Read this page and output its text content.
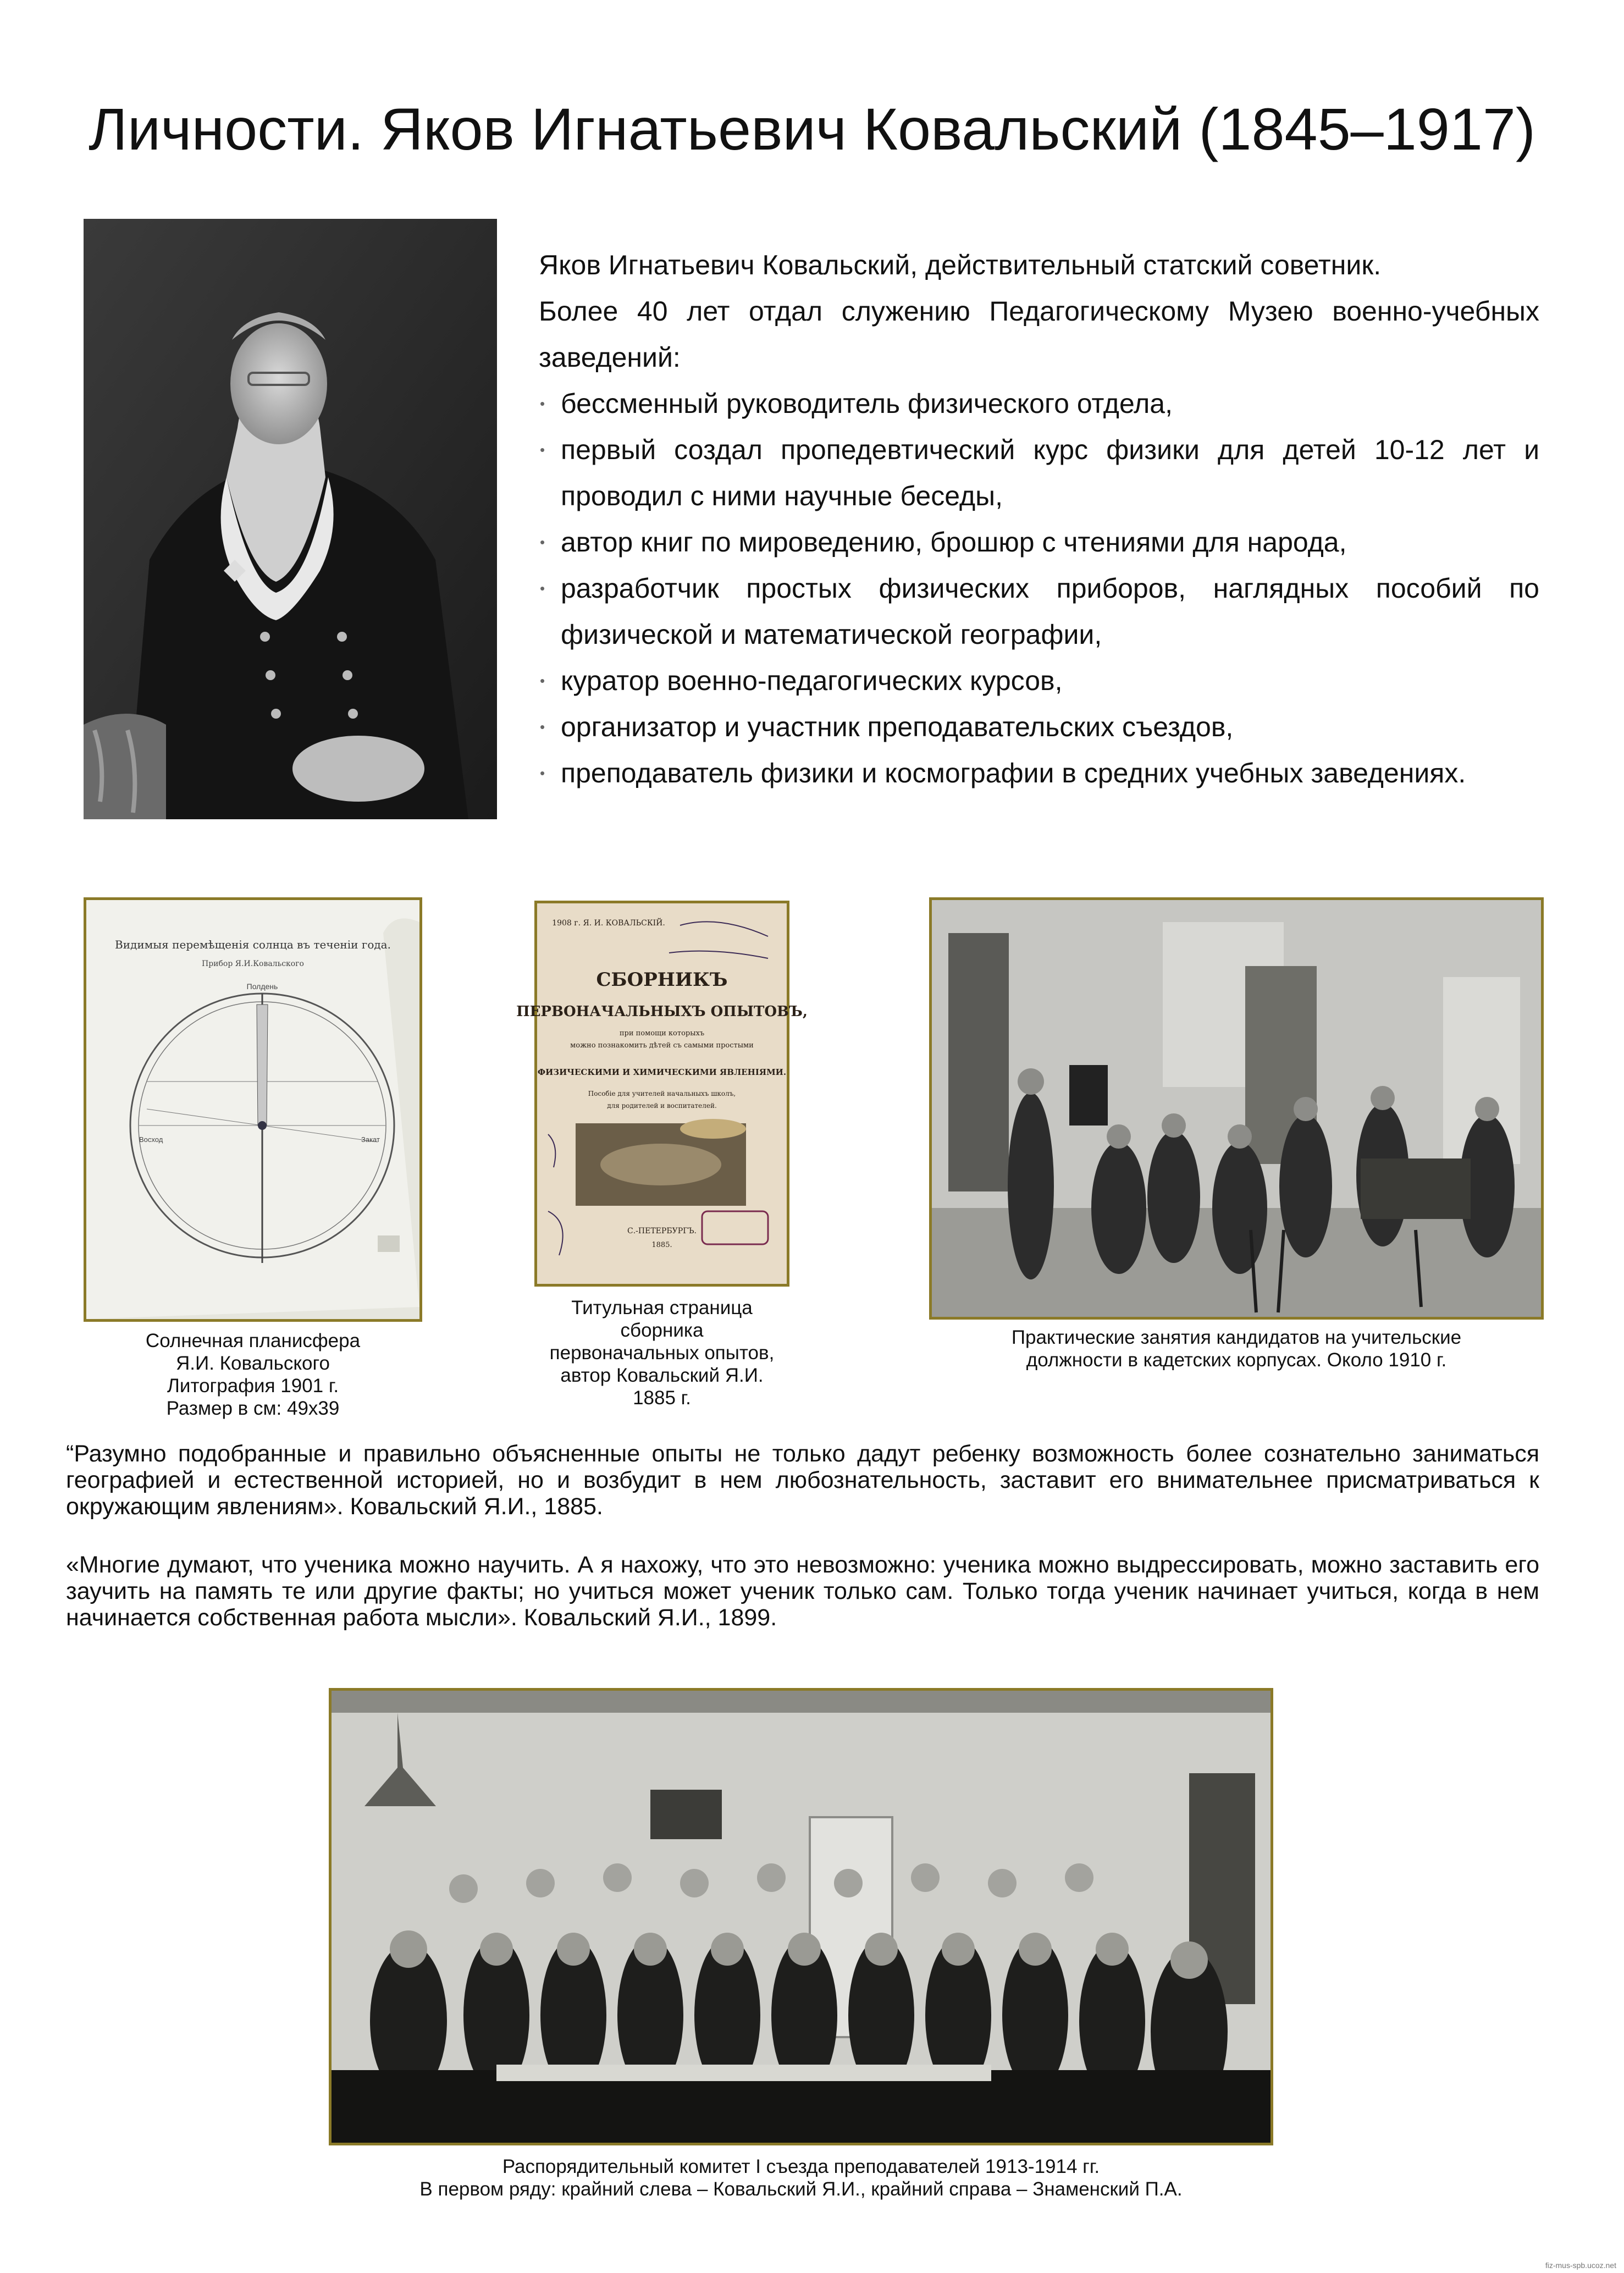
Личности. Яков Игнатьевич Ковальский (1845–1917)

Яков Игнатьевич Ковальский, действительный статский советник.

Более 40 лет отдал служению Педагогическому Музею военно-учебных заведений:

• бессменный руководитель физического отдела,
• первый создал пропедевтический курс физики для детей 10-12 лет и проводил с ними научные беседы,
• автор книг по мироведению, брошюр с чтениями для народа,
• разработчик простых физических приборов, наглядных пособий по физической и математической географии,
• куратор военно-педагогических курсов,
• организатор и участник преподавательских съездов,
• преподаватель физики и космографии в средних учебных заведениях.
Видимыя перемѣщенія солнца въ теченіи года.
Прибор Я.И.Ковальского
Полдень
Восход	Закат
Солнечная планисфера
Я.И. Ковальского
Литография 1901 г.
Размер в см: 49х39
1908 г. Я. И. КОВАЛЬСКІЙ.
СБОРНИКЪ
ПЕРВОНАЧАЛЬНЫХЪ ОПЫТОВЪ,
при помощи которыхъ
можно познакомить дѣтей съ самыми простыми
ФИЗИЧЕСКИМИ И ХИМИЧЕСКИМИ ЯВЛЕНІЯМИ.
Пособіе для учителей начальныхъ школъ,
для родителей и воспитателей.
С.-ПЕТЕРБУРГЪ.
1885.
Титульная страница
сборника
первоначальных опытов,
автор Ковальский Я.И.
1885 г.
Практические занятия кандидатов на учительские
должности в кадетских корпусах. Около 1910 г.

“Разумно подобранные и правильно объясненные опыты не только дадут ребенку возможность более сознательно заниматься географией и естественной историей, но и возбудит в нем любознательность, заставит его внимательнее присматриваться к окружающим явлениям». Ковальский Я.И., 1885.

«Многие думают, что ученика можно научить. А я нахожу, что это невозможно: ученика можно выдрессировать, можно заставить его заучить на память те или другие факты; но учиться может ученик только сам. Только тогда ученик начинает учиться, когда в нем начинается собственная работа мысли». Ковальский Я.И., 1899.

Распорядительный комитет I съезда преподавателей 1913-1914 гг.
В первом ряду: крайний слева – Ковальский Я.И., крайний справа – Знаменский П.А.
fiz-mus-spb.ucoz.net
